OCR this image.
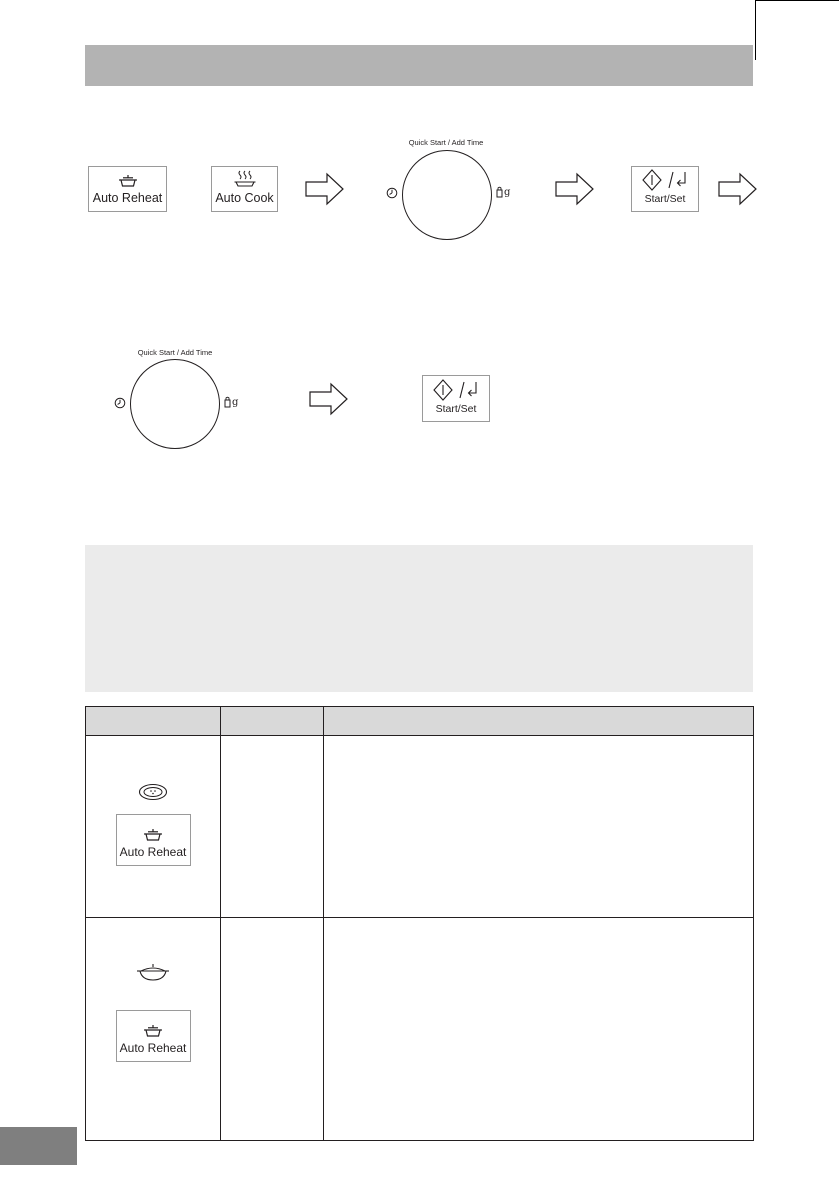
Auto Reheat	Auto Cook
Quick Start / Add Time
g
Start/Set
Quick Start / Add Time
g
Start/Set

Auto Reheat		

Auto Reheat		
